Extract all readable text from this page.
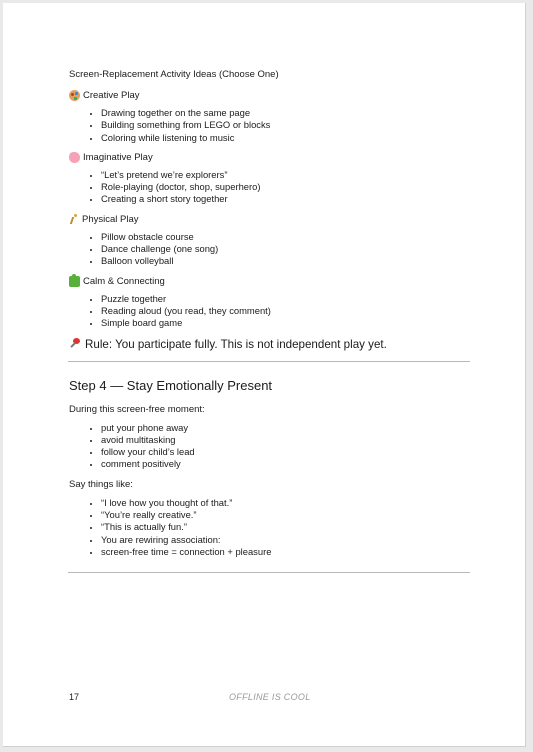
Screen-Replacement Activity Ideas (Choose One)
Creative Play
• Drawing together on the same page
• Building something from LEGO or blocks
• Coloring while listening to music
Imaginative Play
• “Let’s pretend we’re explorers”
• Role-playing (doctor, shop, superhero)
• Creating a short story together
Physical Play
• Pillow obstacle course
• Dance challenge (one song)
• Balloon volleyball
Calm & Connecting
• Puzzle together
• Reading aloud (you read, they comment)
• Simple board game
Rule: You participate fully. This is not independent play yet.
Step 4 — Stay Emotionally Present
During this screen-free moment:
• put your phone away
• avoid multitasking
• follow your child’s lead
• comment positively
Say things like:
• “I love how you thought of that.”
• “You’re really creative.”
• “This is actually fun.”
• You are rewiring association:
• screen-free time = connection + pleasure
17	OFFLINE IS COOL
